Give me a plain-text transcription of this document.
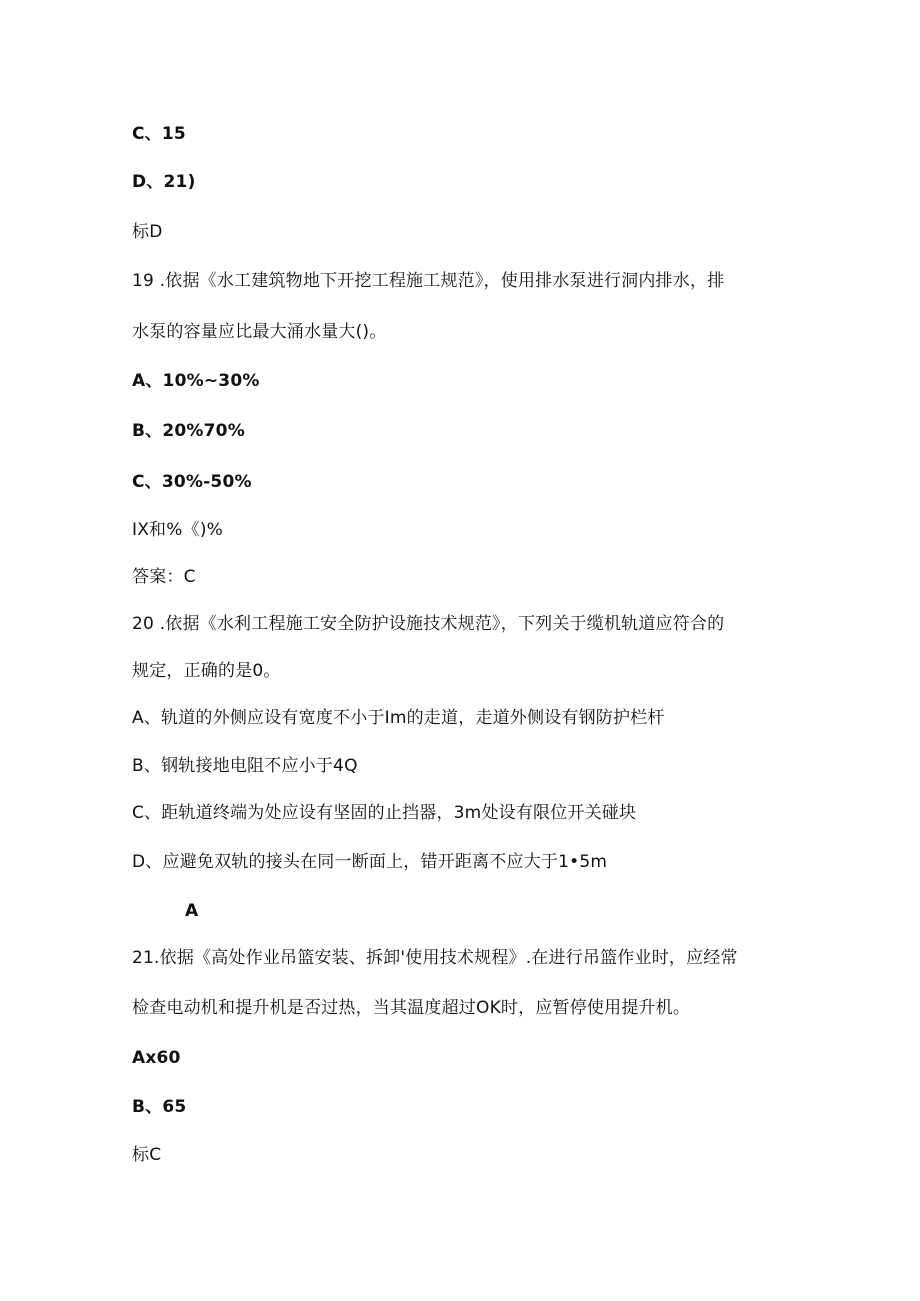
C、15
D、21)
标D
19 .依据《水工建筑物地下开挖工程施工规范》，使用排水泵进行洞内排水，排
水泵的容量应比最大涌水量大()。
A、10%~30%
B、20%70%
C、30%-50%
IX和%《)%
答案：C
20 .依据《水利工程施工安全防护设施技术规范》，下列关于缆机轨道应符合的
规定，正确的是0。
A、轨道的外侧应设有宽度不小于Im的走道，走道外侧设有钢防护栏杆
B、钢轨接地电阻不应小于4Q
C、距轨道终端为处应设有坚固的止挡器，3m处设有限位开关碰块
D、应避免双轨的接头在同一断面上，错开距离不应大于1•5m
A
21.依据《高处作业吊篮安装、拆卸'使用技术规程》.在进行吊篮作业时，应经常
检查电动机和提升机是否过热，当其温度超过OK时，应暂停使用提升机。
Ax60
B、65
标C
